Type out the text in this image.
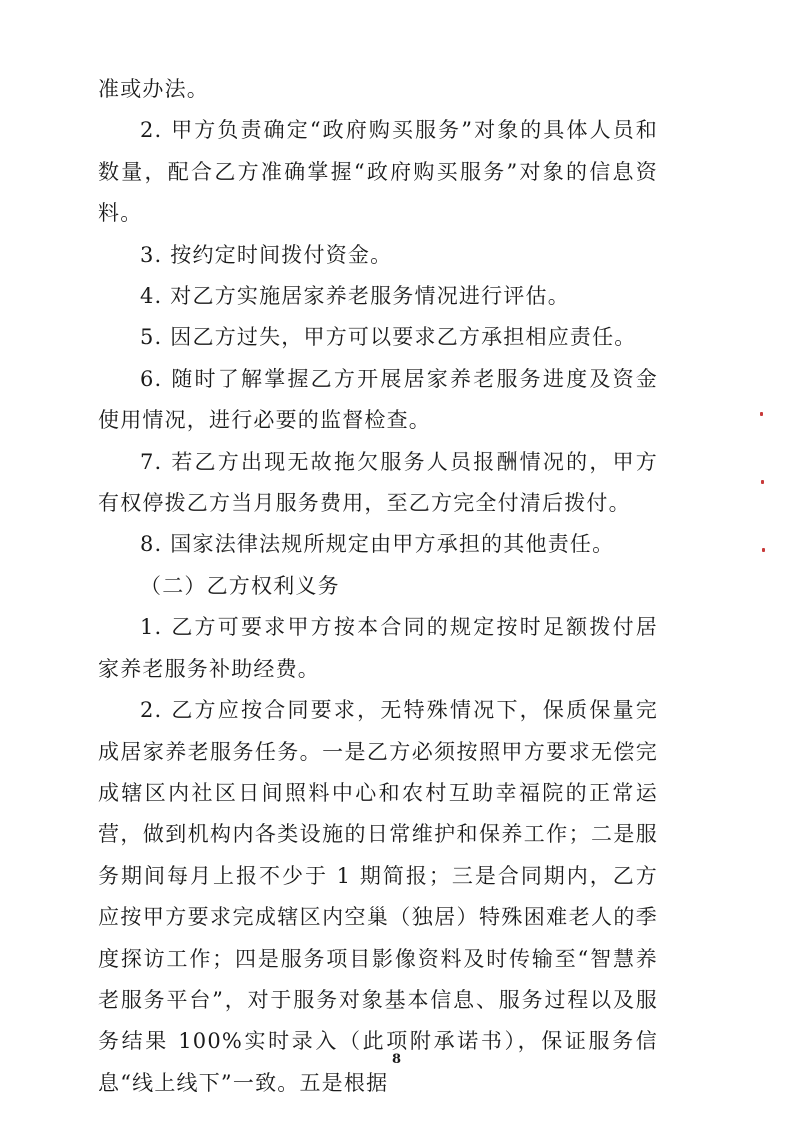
准或办法。

2. 甲方负责确定“政府购买服务”对象的具体人员和数量，配合乙方准确掌握“政府购买服务”对象的信息资料。

3. 按约定时间拨付资金。

4. 对乙方实施居家养老服务情况进行评估。

5. 因乙方过失，甲方可以要求乙方承担相应责任。

6. 随时了解掌握乙方开展居家养老服务进度及资金使用情况，进行必要的监督检查。

7. 若乙方出现无故拖欠服务人员报酬情况的，甲方有权停拨乙方当月服务费用，至乙方完全付清后拨付。

8. 国家法律法规所规定由甲方承担的其他责任。

（二）乙方权利义务

1. 乙方可要求甲方按本合同的规定按时足额拨付居家养老服务补助经费。

2. 乙方应按合同要求，无特殊情况下，保质保量完成居家养老服务任务。一是乙方必须按照甲方要求无偿完成辖区内社区日间照料中心和农村互助幸福院的正常运营，做到机构内各类设施的日常维护和保养工作；二是服务期间每月上报不少于 1 期简报；三是合同期内，乙方应按甲方要求完成辖区内空巢（独居）特殊困难老人的季度探访工作；四是服务项目影像资料及时传输至“智慧养老服务平台”，对于服务对象基本信息、服务过程以及服务结果 100%实时录入（此项附承诺书），保证服务信息“线上线下”一致。五是根据

8
